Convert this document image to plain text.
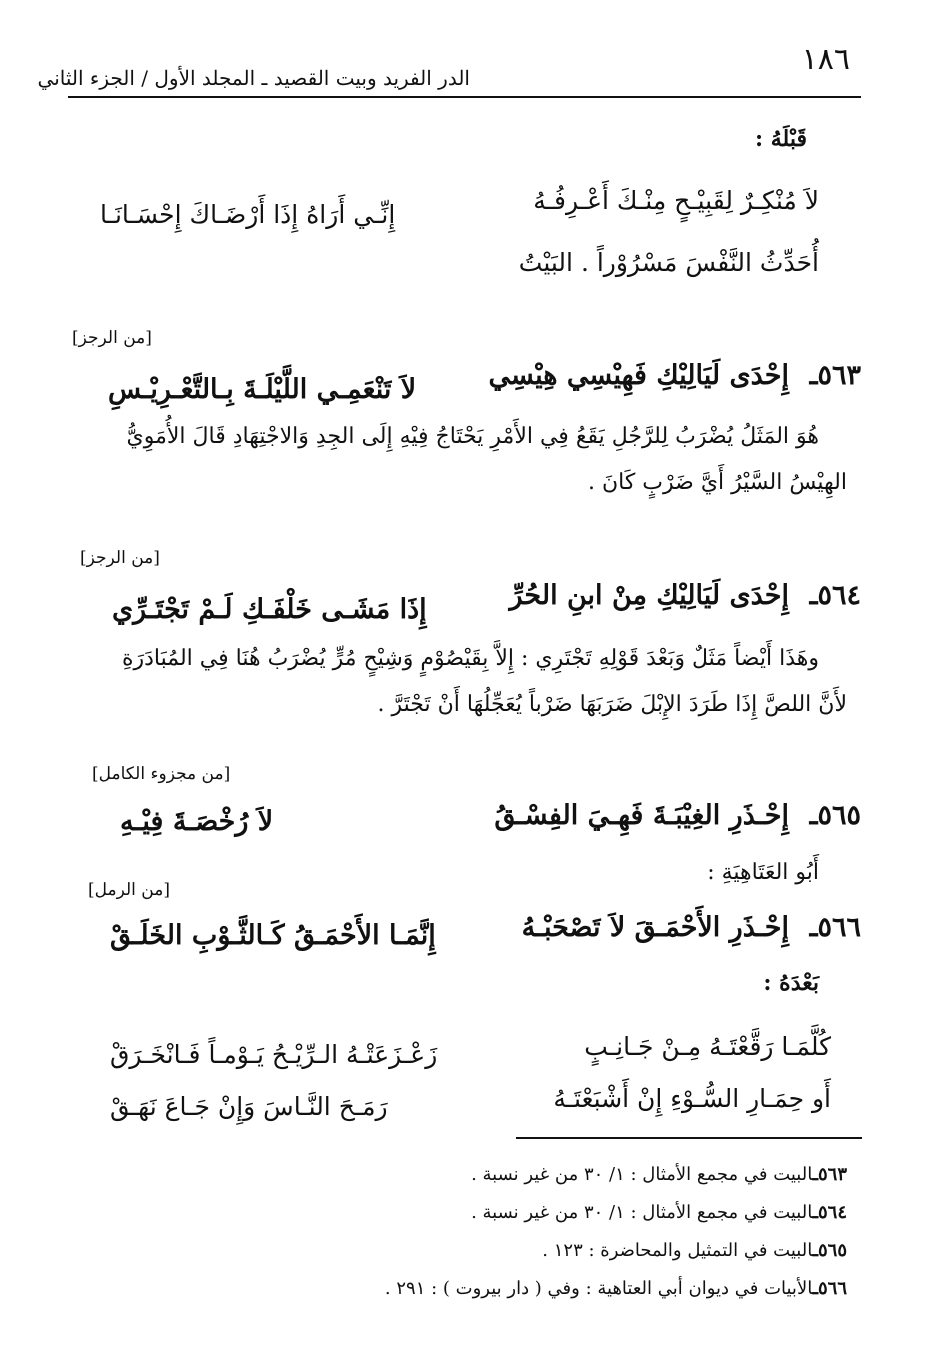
١٨٦
الدر الفريد وبيت القصيد ـ المجلد الأول / الجزء الثاني
قَبْلَهُ :
لاَ مُنْكِـرٌ لِقَبِيْـحٍ مِنْـكَ أَعْـرِفُـهُ
إِنِّـي أَرَاهُ إِذَا أَرْضَـاكَ إِحْسَـانَـا
أُحَدِّثُ النَّفْسَ مَسْرُوْراً . البَيْتُ
[من الرجز]
٥٦٣ـ
إِحْدَى لَيَالِيْكِ فَهِيْسِي هِيْسِي
لاَ تَنْعَمِـي اللَّيْلَـةَ بِـالتَّعْـرِيْـسِ
هُوَ المَثَلُ يُضْرَبُ لِلرَّجُلِ يَقَعُ فِي الأَمْرِ يَحْتَاجُ فِيْهِ إِلَى الجِدِ وَالاجْتِهَادِ قَالَ الأُمَوِيُّ
الهِيْسُ السَّيْرُ أَيَّ ضَرْبٍ كَانَ .
[من الرجز]
٥٦٤ـ
إِحْدَى لَيَالِيْكِ مِنْ ابنِ الحُرِّ
إِذَا مَشَـى خَلْفَـكِ لَـمْ تَجْتَـرِّي
وهَذَا أَيْضاً مَثَلٌ وَبَعْدَ قَوْلِهِ تَجْتَرِي : إِلاَّ بِقَيْصُوْمٍ وَشِيْحٍ مُرٍّ يُضْرَبُ هُنَا فِي المُبَادَرَةِ
لأَنَّ اللصَّ إِذَا طَرَدَ الإِبْلَ ضَرَبَهَا ضَرْباً يُعَجِّلُهَا أَنْ تَجْتَرَّ .
[من مجزوء الكامل]
٥٦٥ـ
إِحْـذَرِ الغِيْبَـةَ فَهِـيَ الفِسْـقُ
لاَ رُخْصَـةَ فِيْـهِ
أَبُو العَتَاهِيَةِ :
[من الرمل]
٥٦٦ـ
إِحْـذَرِ الأَحْمَـقَ لاَ تَصْحَبْـهُ
إِنَّمَـا الأَحْمَـقُ كَـالثَّـوْبِ الخَلَـقْ
بَعْدَهُ :
كُلَّمَـا رَقَّعْتَـهُ مِـنْ جَـانِـبٍ
زَعْـزَعَتْـهُ الـرِّيْـحُ يَـوْمـاً فَـانْخَـرَقْ
أَو حِمَـارِ السُّـوْءِ إِنْ أَشْبَعْتَـهُ
رَمَـحَ النَّـاسَ وَإِنْ جَـاعَ نَهَـقْ
٥٦٣ـالبيت في مجمع الأمثال : ١/ ٣٠ من غير نسبة .
٥٦٤ـالبيت في مجمع الأمثال : ١/ ٣٠ من غير نسبة .
٥٦٥ـالبيت في التمثيل والمحاضرة : ١٢٣ .
٥٦٦ـالأبيات في ديوان أبي العتاهية : وفي ( دار بيروت ) : ٢٩١ .
